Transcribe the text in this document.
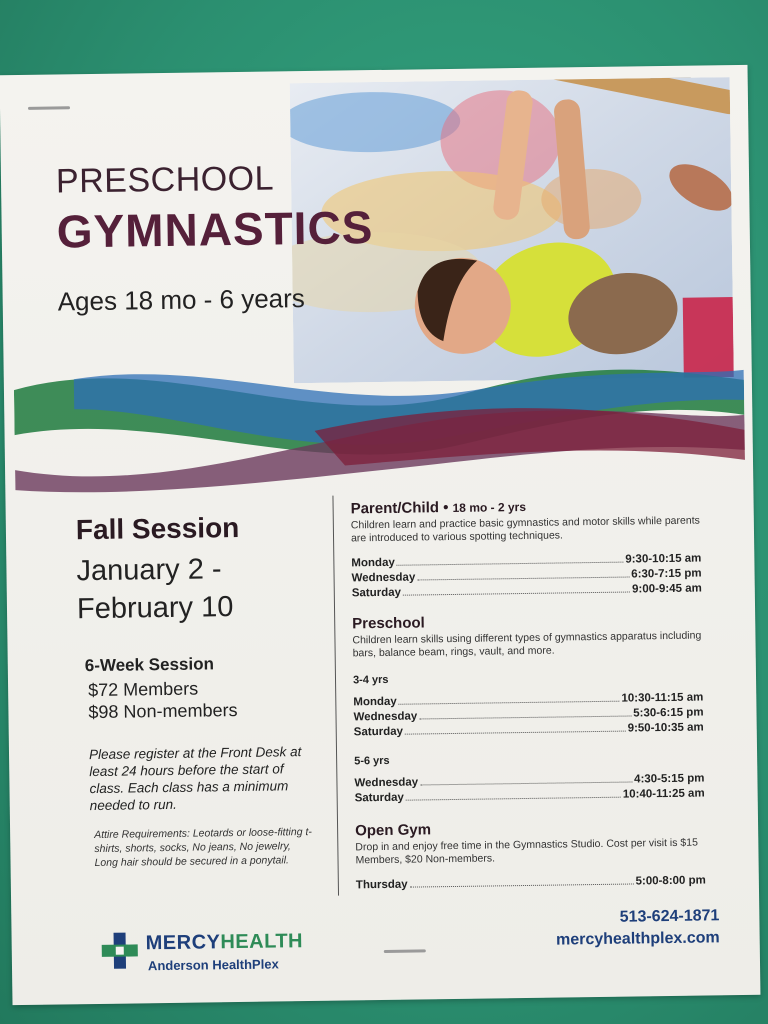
PRESCHOOL
GYMNASTICS
Ages 18 mo - 6 years
Fall Session
January 2 - February 10
6-Week Session
$72 Members
$98 Non-members
Please register at the Front Desk at least 24 hours before the start of class. Each class has a minimum needed to run.
Attire Requirements: Leotards or loose-fitting t-shirts, shorts, socks, No jeans, No jewelry, Long hair should be secured in a ponytail.
MERCYHEALTH
Anderson HealthPlex
513-624-1871
mercyhealthplex.com
Parent/Child • 18 mo - 2 yrs
Children learn and practice basic gymnastics and motor skills while parents are introduced to various spotting techniques.
Monday	9:30-10:15 am
Wednesday	6:30-7:15 pm
Saturday	9:00-9:45 am
Preschool
Children learn skills using different types of gymnastics apparatus including bars, balance beam, rings, vault, and more.
3-4 yrs
Monday	10:30-11:15 am
Wednesday	5:30-6:15 pm
Saturday	9:50-10:35 am
5-6 yrs
Wednesday	4:30-5:15 pm
Saturday	10:40-11:25 am
Open Gym
Drop in and enjoy free time in the Gymnastics Studio. Cost per visit is $15 Members, $20 Non-members.
Thursday	5:00-8:00 pm
